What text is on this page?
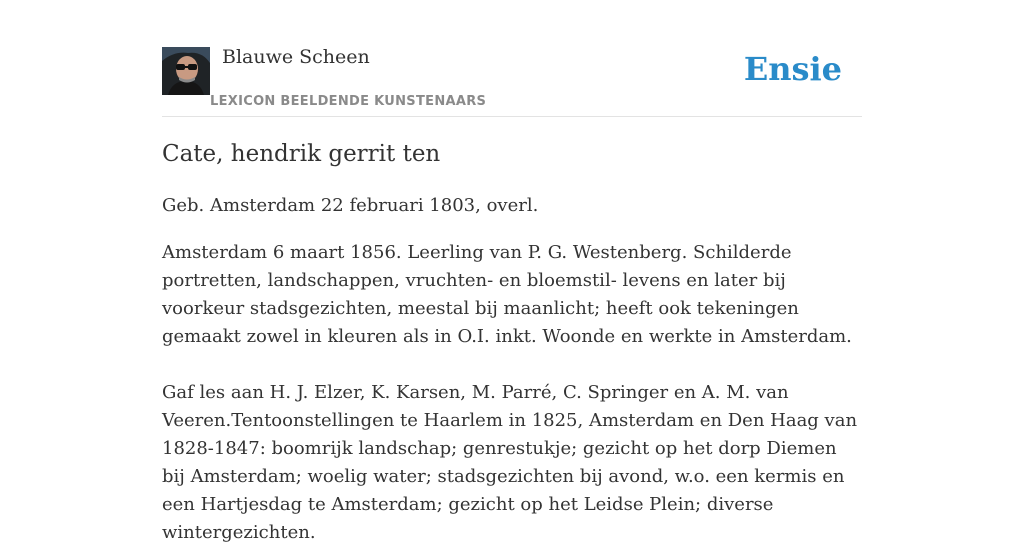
Blauwe Scheen
LEXICON BEELDENDE KUNSTENAARS
Ensie
Cate, hendrik gerrit ten

Geb. Amsterdam 22 februari 1803, overl.

Amsterdam 6 maart 1856. Leerling van P. G. Westenberg. Schilderde portretten, landschappen, vruchten- en bloemstil- levens en later bij voorkeur stadsgezichten, meestal bij maanlicht; heeft ook tekeningen gemaakt zowel in kleuren als in O.I. inkt. Woonde en werkte in Amsterdam.

Gaf les aan H. J. Elzer, K. Karsen, M. Parré, C. Springer en A. M. van Veeren.Tentoonstellingen te Haarlem in 1825, Amsterdam en Den Haag van 1828-1847: boomrijk landschap; genrestukje; gezicht op het dorp Diemen bij Amsterdam; woelig water; stadsgezichten bij avond, w.o. een kermis en een Hartjesdag te Amsterdam; gezicht op het Leidse Plein; diverse wintergezichten.
